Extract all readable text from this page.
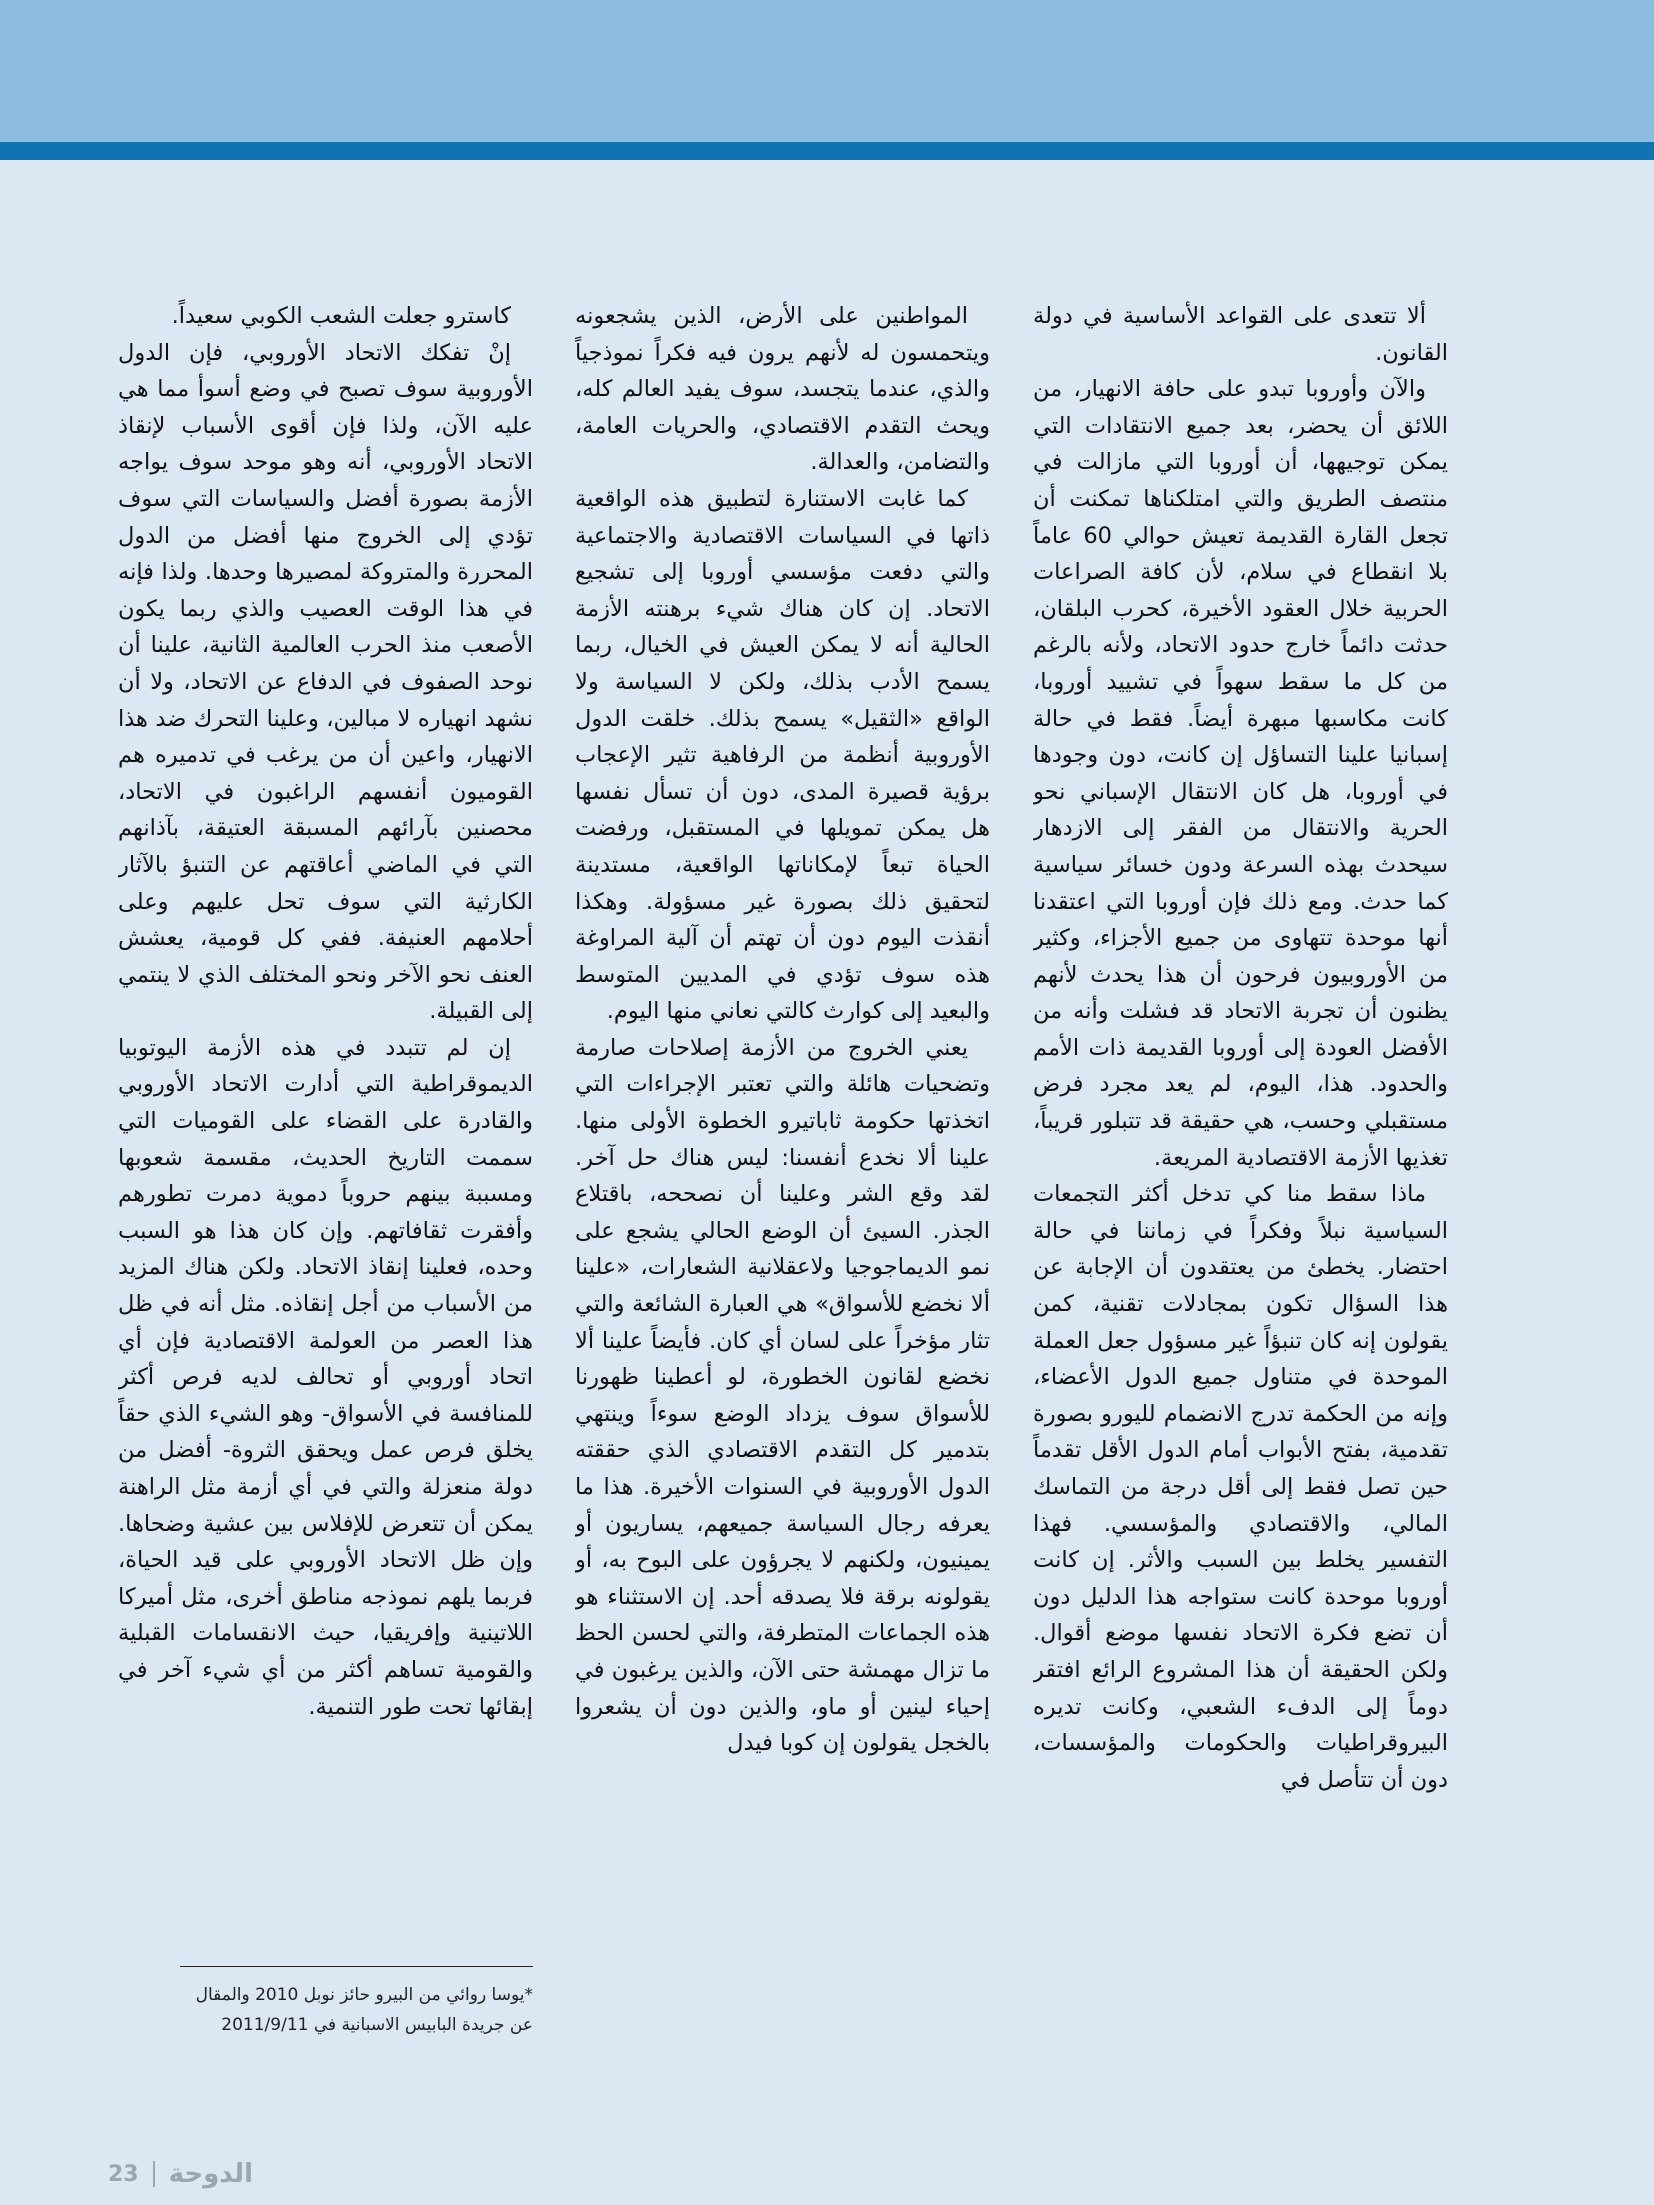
ألا تتعدى على القواعد الأساسية في دولة القانون.

والآن وأوروبا تبدو على حافة الانهيار، من اللائق أن يحضر، بعد جميع الانتقادات التي يمكن توجيهها، أن أوروبا التي مازالت في منتصف الطريق والتي امتلكناها تمكنت أن تجعل القارة القديمة تعيش حوالي 60 عاماً بلا انقطاع في سلام، لأن كافة الصراعات الحربية خلال العقود الأخيرة، كحرب البلقان، حدثت دائماً خارج حدود الاتحاد، ولأنه بالرغم من كل ما سقط سهواً في تشييد أوروبا، كانت مكاسبها مبهرة أيضاً. فقط في حالة إسبانيا علينا التساؤل إن كانت، دون وجودها في أوروبا، هل كان الانتقال الإسباني نحو الحرية والانتقال من الفقر إلى الازدهار سيحدث بهذه السرعة ودون خسائر سياسية كما حدث. ومع ذلك فإن أوروبا التي اعتقدنا أنها موحدة تتهاوى من جميع الأجزاء، وكثير من الأوروبيون فرحون أن هذا يحدث لأنهم يظنون أن تجربة الاتحاد قد فشلت وأنه من الأفضل العودة إلى أوروبا القديمة ذات الأمم والحدود. هذا، اليوم، لم يعد مجرد فرض مستقبلي وحسب، هي حقيقة قد تتبلور قريباً، تغذيها الأزمة الاقتصادية المريعة.

ماذا سقط منا كي تدخل أكثر التجمعات السياسية نبلاً وفكراً في زماننا في حالة احتضار. يخطئ من يعتقدون أن الإجابة عن هذا السؤال تكون بمجادلات تقنية، كمن يقولون إنه كان تنبؤاً غير مسؤول جعل العملة الموحدة في متناول جميع الدول الأعضاء، وإنه من الحكمة تدرج الانضمام لليورو بصورة تقدمية، بفتح الأبواب أمام الدول الأقل تقدماً حين تصل فقط إلى أقل درجة من التماسك المالي، والاقتصادي والمؤسسي. فهذا التفسير يخلط بين السبب والأثر. إن كانت أوروبا موحدة كانت ستواجه هذا الدليل دون أن تضع فكرة الاتحاد نفسها موضع أقوال. ولكن الحقيقة أن هذا المشروع الرائع افتقر دوماً إلى الدفء الشعبي، وكانت تديره البيروقراطيات والحكومات والمؤسسات، دون أن تتأصل في

المواطنين على الأرض، الذين يشجعونه ويتحمسون له لأنهم يرون فيه فكراً نموذجياً والذي، عندما يتجسد، سوف يفيد العالم كله، ويحث التقدم الاقتصادي، والحريات العامة، والتضامن، والعدالة.

كما غابت الاستنارة لتطبيق هذه الواقعية ذاتها في السياسات الاقتصادية والاجتماعية والتي دفعت مؤسسي أوروبا إلى تشجيع الاتحاد. إن كان هناك شيء برهنته الأزمة الحالية أنه لا يمكن العيش في الخيال، ربما يسمح الأدب بذلك، ولكن لا السياسة ولا الواقع «الثقيل» يسمح بذلك. خلقت الدول الأوروبية أنظمة من الرفاهية تثير الإعجاب برؤية قصيرة المدى، دون أن تسأل نفسها هل يمكن تمويلها في المستقبل، ورفضت الحياة تبعاً لإمكاناتها الواقعية، مستدينة لتحقيق ذلك بصورة غير مسؤولة. وهكذا أنقذت اليوم دون أن تهتم أن آلية المراوغة هذه سوف تؤدي في المديين المتوسط والبعيد إلى كوارث كالتي نعاني منها اليوم.

يعني الخروج من الأزمة إصلاحات صارمة وتضحيات هائلة والتي تعتبر الإجراءات التي اتخذتها حكومة ثاباتيرو الخطوة الأولى منها. علينا ألا نخدع أنفسنا: ليس هناك حل آخر. لقد وقع الشر وعلينا أن نصححه، باقتلاع الجذر. السيئ أن الوضع الحالي يشجع على نمو الديماجوجيا ولاعقلانية الشعارات، «علينا ألا نخضع للأسواق» هي العبارة الشائعة والتي تثار مؤخراً على لسان أي كان. فأيضاً علينا ألا نخضع لقانون الخطورة، لو أعطينا ظهورنا للأسواق سوف يزداد الوضع سوءاً وينتهي بتدمير كل التقدم الاقتصادي الذي حققته الدول الأوروبية في السنوات الأخيرة. هذا ما يعرفه رجال السياسة جميعهم، يساريون أو يمينيون، ولكنهم لا يجرؤون على البوح به، أو يقولونه برقة فلا يصدقه أحد. إن الاستثناء هو هذه الجماعات المتطرفة، والتي لحسن الحظ ما تزال مهمشة حتى الآن، والذين يرغبون في إحياء لينين أو ماو، والذين دون أن يشعروا بالخجل يقولون إن كوبا فيدل

كاسترو جعلت الشعب الكوبي سعيداً.

إنْ تفكك الاتحاد الأوروبي، فإن الدول الأوروبية سوف تصبح في وضع أسوأ مما هي عليه الآن، ولذا فإن أقوى الأسباب لإنقاذ الاتحاد الأوروبي، أنه وهو موحد سوف يواجه الأزمة بصورة أفضل والسياسات التي سوف تؤدي إلى الخروج منها أفضل من الدول المحررة والمتروكة لمصيرها وحدها. ولذا فإنه في هذا الوقت العصيب والذي ربما يكون الأصعب منذ الحرب العالمية الثانية، علينا أن نوحد الصفوف في الدفاع عن الاتحاد، ولا أن نشهد انهياره لا مبالين، وعلينا التحرك ضد هذا الانهيار، واعين أن من يرغب في تدميره هم القوميون أنفسهم الراغبون في الاتحاد، محصنين بآرائهم المسبقة العتيقة، بآذانهم التي في الماضي أعاقتهم عن التنبؤ بالآثار الكارثية التي سوف تحل عليهم وعلى أحلامهم العنيفة. ففي كل قومية، يعشش العنف نحو الآخر ونحو المختلف الذي لا ينتمي إلى القبيلة.

إن لم تتبدد في هذه الأزمة اليوتوبيا الديموقراطية التي أدارت الاتحاد الأوروبي والقادرة على القضاء على القوميات التي سممت التاريخ الحديث، مقسمة شعوبها ومسببة بينهم حروباً دموية دمرت تطورهم وأفقرت ثقافاتهم. وإن كان هذا هو السبب وحده، فعلينا إنقاذ الاتحاد. ولكن هناك المزيد من الأسباب من أجل إنقاذه. مثل أنه في ظل هذا العصر من العولمة الاقتصادية فإن أي اتحاد أوروبي أو تحالف لديه فرص أكثر للمنافسة في الأسواق- وهو الشيء الذي حقاً يخلق فرص عمل ويحقق الثروة- أفضل من دولة منعزلة والتي في أي أزمة مثل الراهنة يمكن أن تتعرض للإفلاس بين عشية وضحاها. وإن ظل الاتحاد الأوروبي على قيد الحياة، فربما يلهم نموذجه مناطق أخرى، مثل أميركا اللاتينية وإفريقيا، حيث الانقسامات القبلية والقومية تساهم أكثر من أي شيء آخر في إبقائها تحت طور التنمية.

*يوسا روائي من البيرو حائز نوبل 2010 والمقال
عن جريدة البابيس الاسبانية في 2011/9/11
23 الدوحة
